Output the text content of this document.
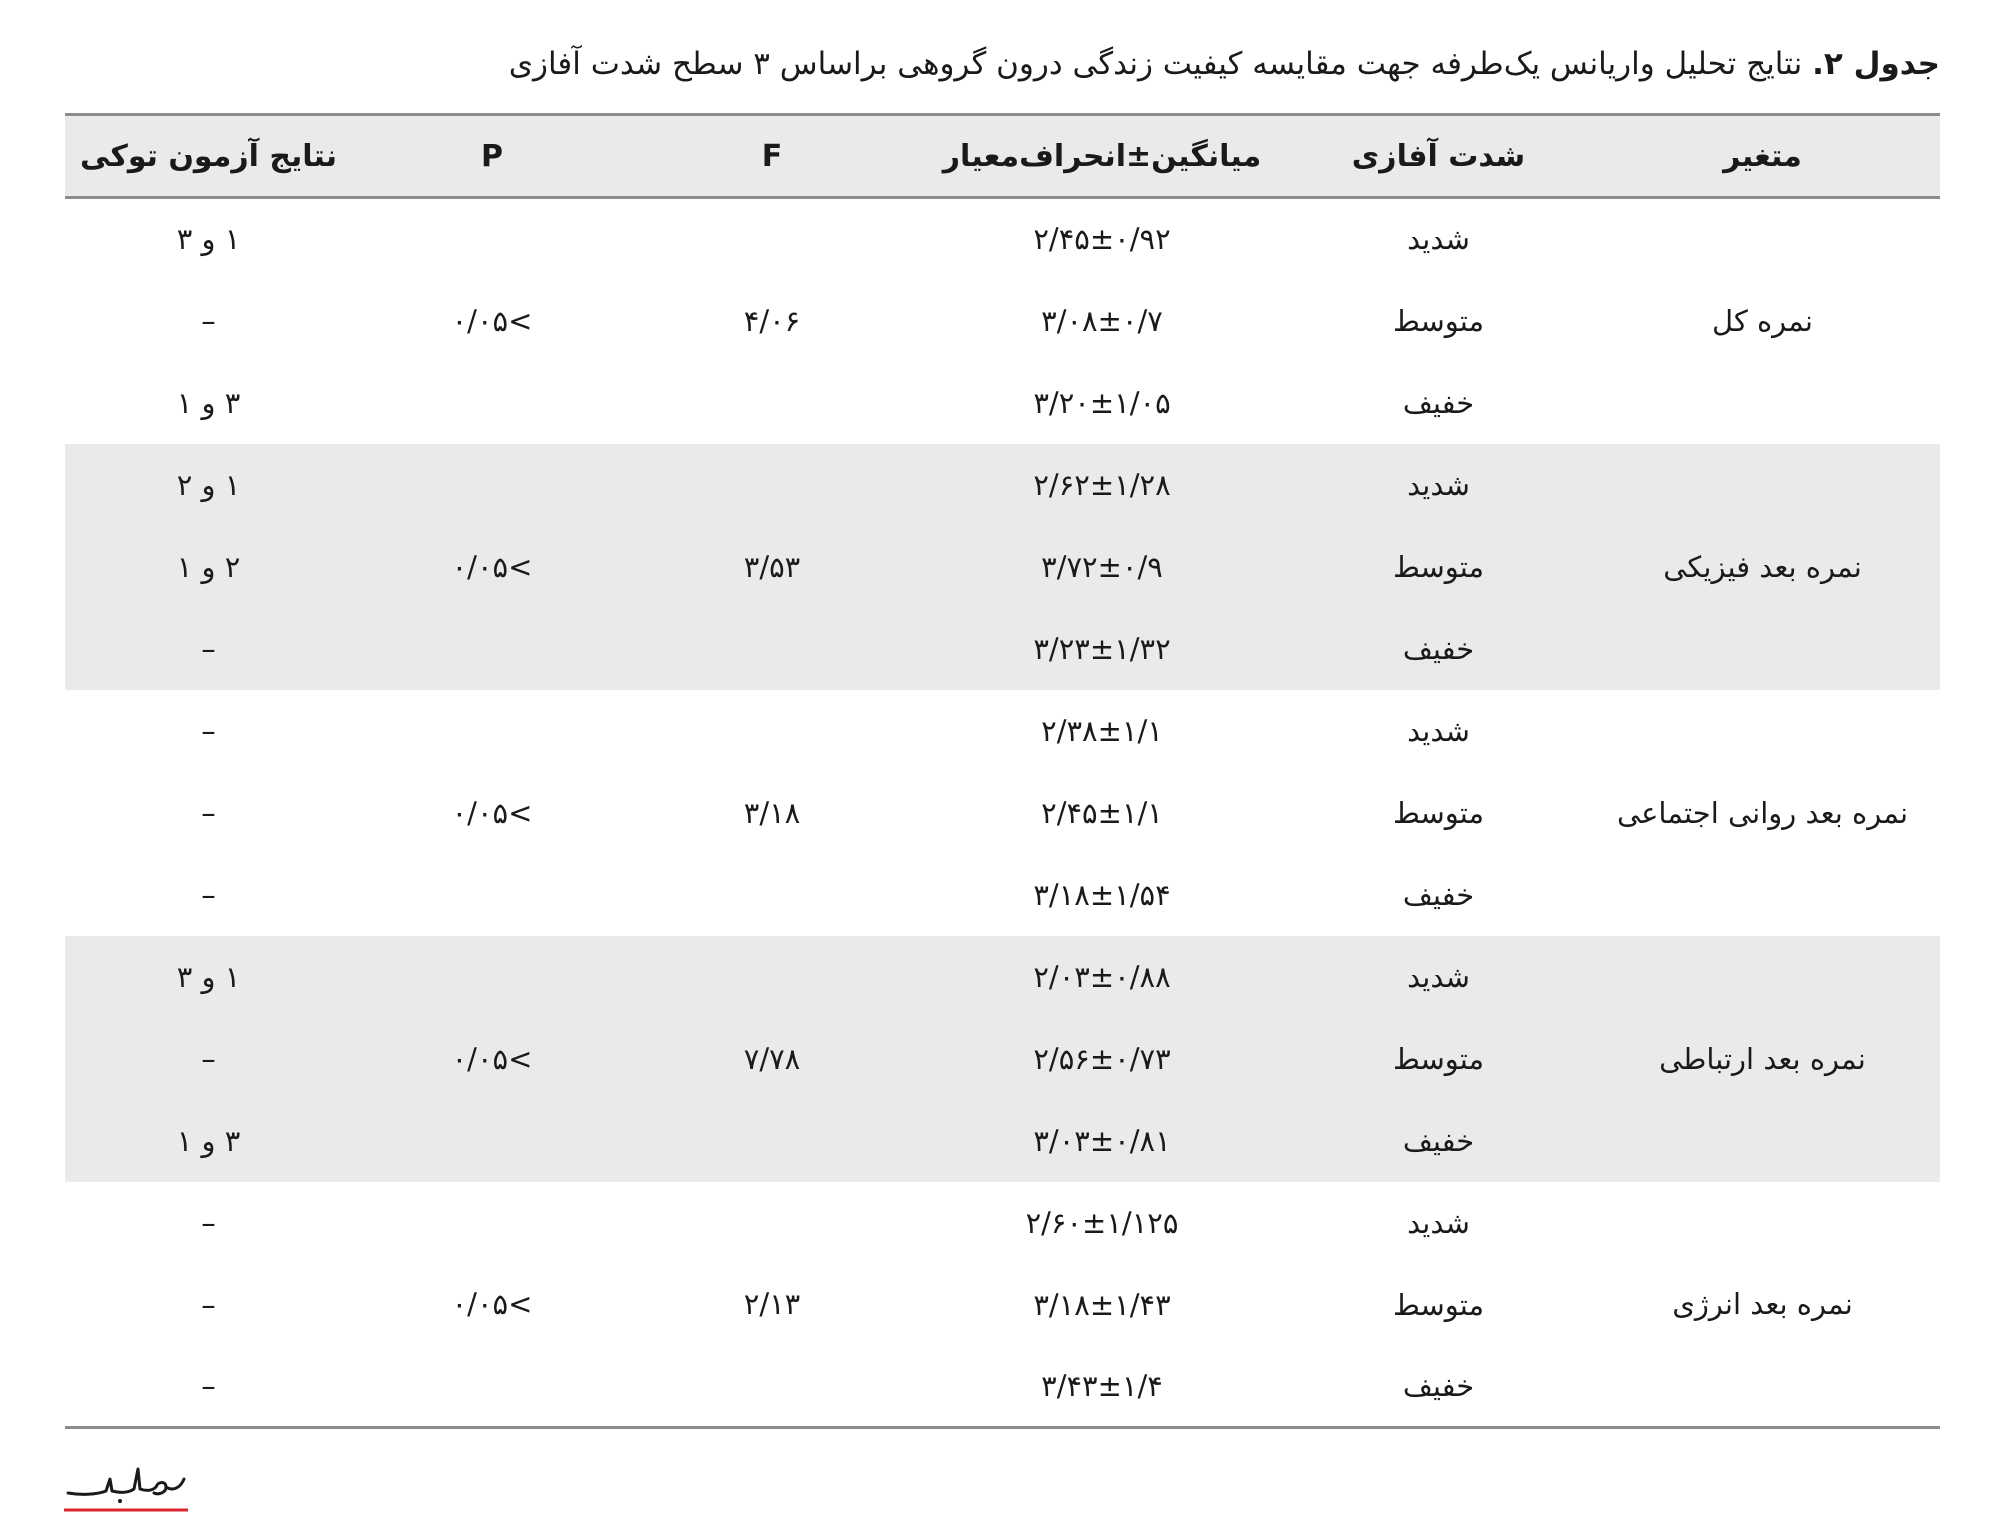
جدول ۲. نتایج تحلیل واریانس یک‌طرفه جهت مقایسه کیفیت زندگی درون گروهی براساس ۳ سطح شدت آفازی
متغیر	شدت آفازی	میانگین±انحراف‌معیار	F	P	نتایج آزمون توکی
نمره کل	شدید	۲/۴۵±۰/۹۲	۴/۰۶	>۰/۰۵	۱ و ۳
	متوسط	۳/۰۸±۰/۷			–
	خفیف	۳/۲۰±۱/۰۵			۳ و ۱
نمره بعد فیزیکی	شدید	۲/۶۲±۱/۲۸	۳/۵۳	>۰/۰۵	۱ و ۲
	متوسط	۳/۷۲±۰/۹			۲ و ۱
	خفیف	۳/۲۳±۱/۳۲			–
نمره بعد روانی اجتماعی	شدید	۲/۳۸±۱/۱	۳/۱۸	>۰/۰۵	–
	متوسط	۲/۴۵±۱/۱			–
	خفیف	۳/۱۸±۱/۵۴			–
نمره بعد ارتباطی	شدید	۲/۰۳±۰/۸۸	۷/۷۸	>۰/۰۵	۱ و ۳
	متوسط	۲/۵۶±۰/۷۳			–
	خفیف	۳/۰۳±۰/۸۱			۳ و ۱
نمره بعد انرژی	شدید	۲/۶۰±۱/۱۲۵	۲/۱۳	>۰/۰۵	–
	متوسط	۳/۱۸±۱/۴۳			–
	خفیف	۳/۴۳±۱/۴			–
